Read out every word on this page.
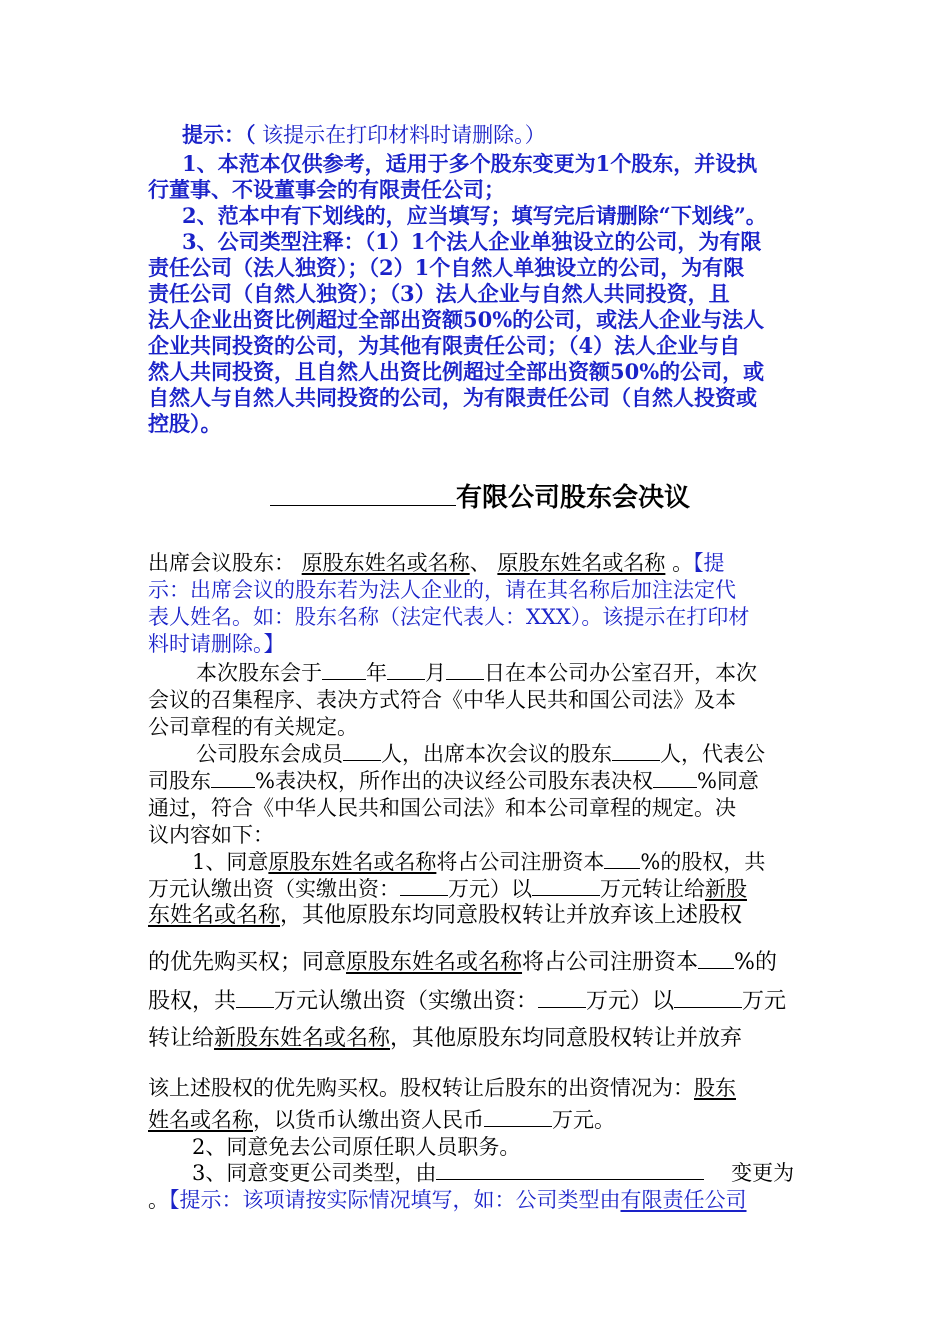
提示：（ 该提示在打印材料时请删除。）
1、本范本仅供参考，适用于多个股东变更为1个股东，并设执
行董事、不设董事会的有限责任公司；
2、范本中有下划线的，应当填写；填写完后请删除“下划线”。
3、公司类型注释：（1）1个法人企业单独设立的公司，为有限
责任公司（法人独资）；（2）1个自然人单独设立的公司，为有限
责任公司（自然人独资）；（3）法人企业与自然人共同投资，且
法人企业出资比例超过全部出资额50%的公司，或法人企业与法人
企业共同投资的公司，为其他有限责任公司；（4）法人企业与自
然人共同投资，且自然人出资比例超过全部出资额50%的公司，或
自然人与自然人共同投资的公司，为有限责任公司（自然人投资或
控股）。
有限公司股东会决议
出席会议股东： 原股东姓名或名称、 原股东姓名或名称 。【提
示：出席会议的股东若为法人企业的，请在其名称后加注法定代
表人姓名。如：股东名称（法定代表人：XXX）。该提示在打印材
料时请删除。】
本次股东会于 年 月 日在本公司办公室召开，本次
会议的召集程序、表决方式符合《中华人民共和国公司法》及本
公司章程的有关规定。
公司股东会成员 人，出席本次会议的股东 人，代表公
司股东 %表决权，所作出的决议经公司股东表决权 %同意
通过，符合《中华人民共和国公司法》和本公司章程的规定。决
议内容如下：
1、同意原股东姓名或名称将占公司注册资本 %的股权，共
万元认缴出资（实缴出资： 万元）以	万元转让给新股
东姓名或名称，其他原股东均同意股权转让并放弃该上述股权
的优先购买权；同意原股东姓名或名称将占公司注册资本 %的
股权，共 万元认缴出资（实缴出资： 万元）以	万元
转让给新股东姓名或名称，其他原股东均同意股权转让并放弃
该上述股权的优先购买权。股权转让后股东的出资情况为：股东
姓名或名称，以货币认缴出资人民币	万元。
2、同意免去公司原任职人员职务。
3、同意变更公司类型，由	变更为
。【提示：该项请按实际情况填写，如：公司类型由有限责任公司
